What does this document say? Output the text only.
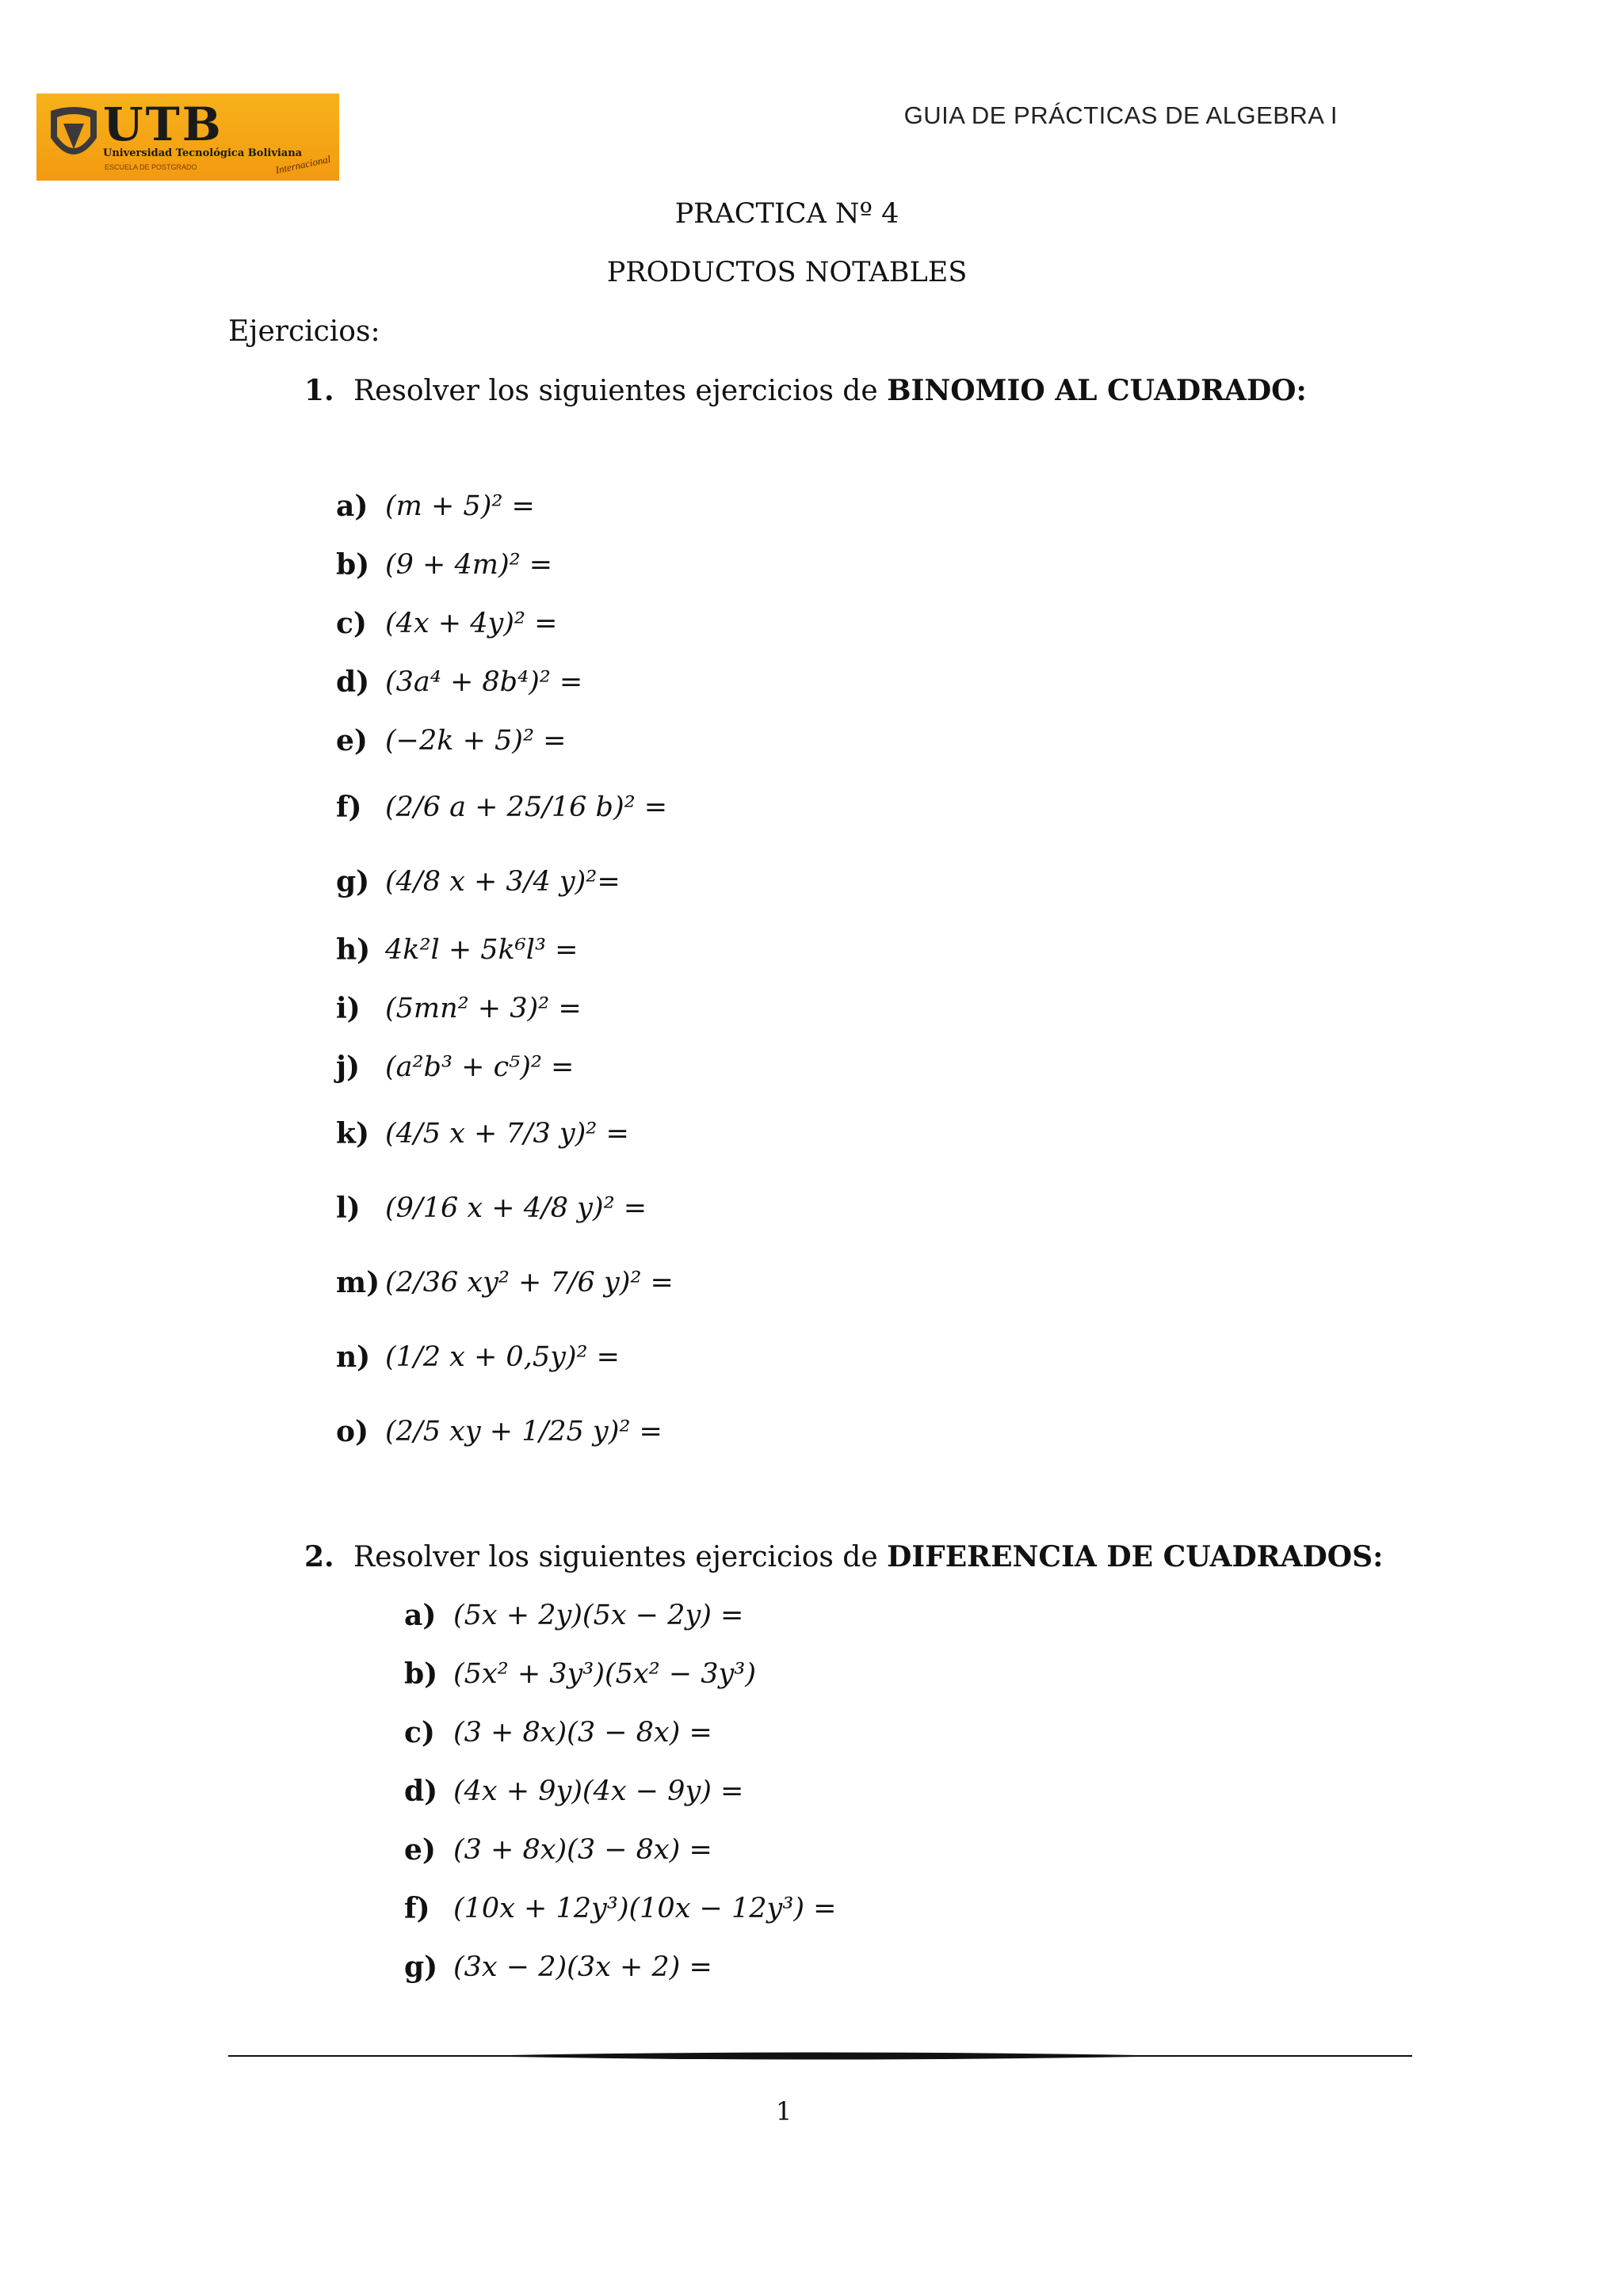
UTB
Universidad Tecnológica Boliviana
ESCUELA DE POSTGRADO	Internacional
GUIA DE PRÁCTICAS DE ALGEBRA I
PRACTICA Nº 4
PRODUCTOS NOTABLES
Ejercicios:
1. Resolver los siguientes ejercicios de BINOMIO AL CUADRADO:
a) (m + 5)² =
b) (9 + 4m)² =
c) (4x + 4y)² =
d) (3a⁴ + 8b⁴)² =
e) (−2k + 5)² =
f) (2/6 a + 25/16 b)² =
g) (4/8 x + 3/4 y)²=
h) 4k²l + 5k⁶l³ =
i) (5mn² + 3)² =
j) (a²b³ + c⁵)² =
k) (4/5 x + 7/3 y)² =
l) (9/16 x + 4/8 y)² =
m) (2/36 xy² + 7/6 y)² =
n) (1/2 x + 0,5y)² =
o) (2/5 xy + 1/25 y)² =
2. Resolver los siguientes ejercicios de DIFERENCIA DE CUADRADOS:
a) (5x + 2y)(5x − 2y) =
b) (5x² + 3y³)(5x² − 3y³)
c) (3 + 8x)(3 − 8x) =
d) (4x + 9y)(4x − 9y) =
e) (3 + 8x)(3 − 8x) =
f) (10x + 12y³)(10x − 12y³) =
g) (3x − 2)(3x + 2) =
1
